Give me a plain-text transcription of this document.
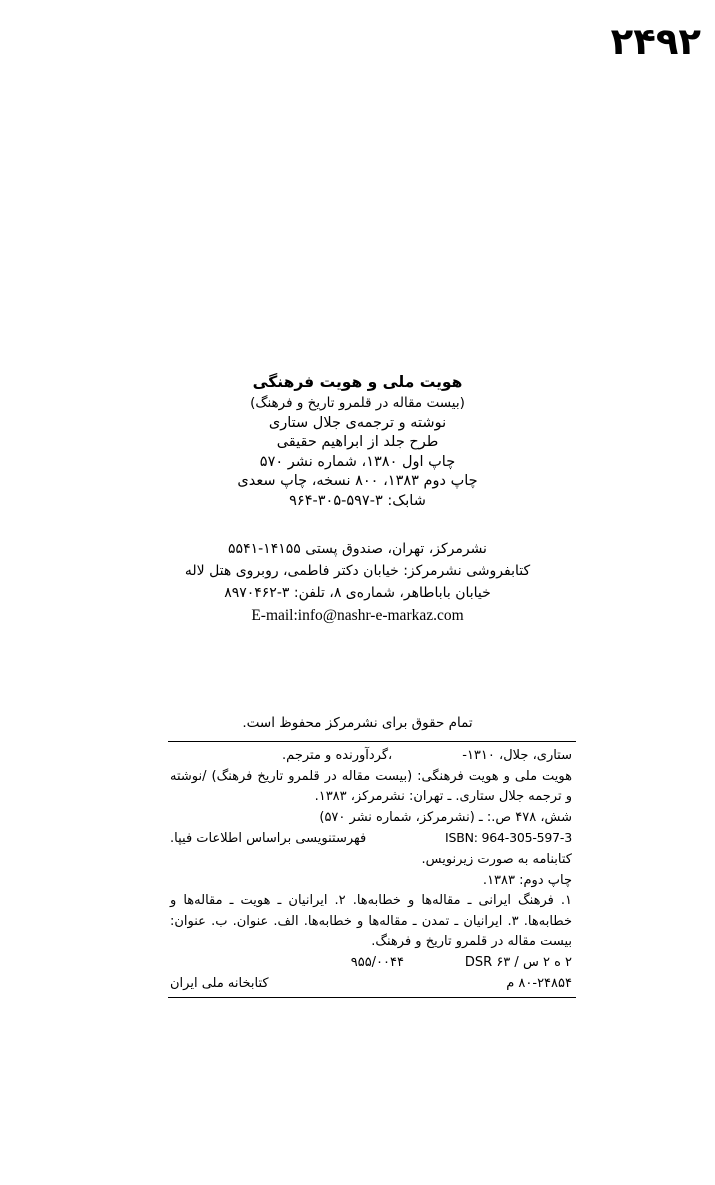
۲۴۹۲
هویت ملی و هویت فرهنگی
(بیست مقاله در قلمرو تاریخ و فرهنگ)
نوشته و ترجمه‌ی جلال ستاری
طرح جلد از ابراهیم حقیقی
چاپ اول ۱۳۸۰، شماره نشر ۵۷۰
چاپ دوم ۱۳۸۳، ۸۰۰ نسخه، چاپ سعدی
شابک: ۳-۵۹۷-۳۰۵-۹۶۴
نشرمرکز، تهران، صندوق پستی ۱۴۱۵۵-۵۵۴۱
کتابفروشی نشرمرکز: خیابان دکتر فاطمی، روبروی هتل لاله
خیابان باباطاهر، شماره‌ی ۸، تلفن: ۳-۸۹۷۰۴۶۲
E-mail:info@nashr-e-markaz.com
تمام حقوق برای نشرمرکز محفوظ است.
ستاری، جلال، ۱۳۱۰-
،گردآورنده و مترجم.
هویت ملی و هویت فرهنگی: (بیست مقاله در قلمرو تاریخ فرهنگ) /نوشته و ترجمه جلال ستاری. ـ تهران: نشرمرکز، ۱۳۸۳.
شش، ۴۷۸ ص.: ـ (نشرمرکز، شماره نشر ۵۷۰)
ISBN: 964-305-597-3
فهرستنویسی براساس اطلاعات فیپا.
کتابنامه به صورت زیرنویس.
چاپ دوم: ۱۳۸۳.
۱. فرهنگ ایرانی ـ مقاله‌ها و خطابه‌ها. ۲. ایرانیان ـ هویت ـ مقاله‌ها و خطابه‌ها. ۳. ایرانیان ـ تمدن ـ مقاله‌ها و خطابه‌ها. الف. عنوان. ب. عنوان: بیست مقاله در قلمرو تاریخ و فرهنگ.
۲ ه ۲ س / ۶۳ DSR
۹۵۵/۰۰۴۴
۸۰-۲۴۸۵۴ م
کتابخانه ملی ایران
